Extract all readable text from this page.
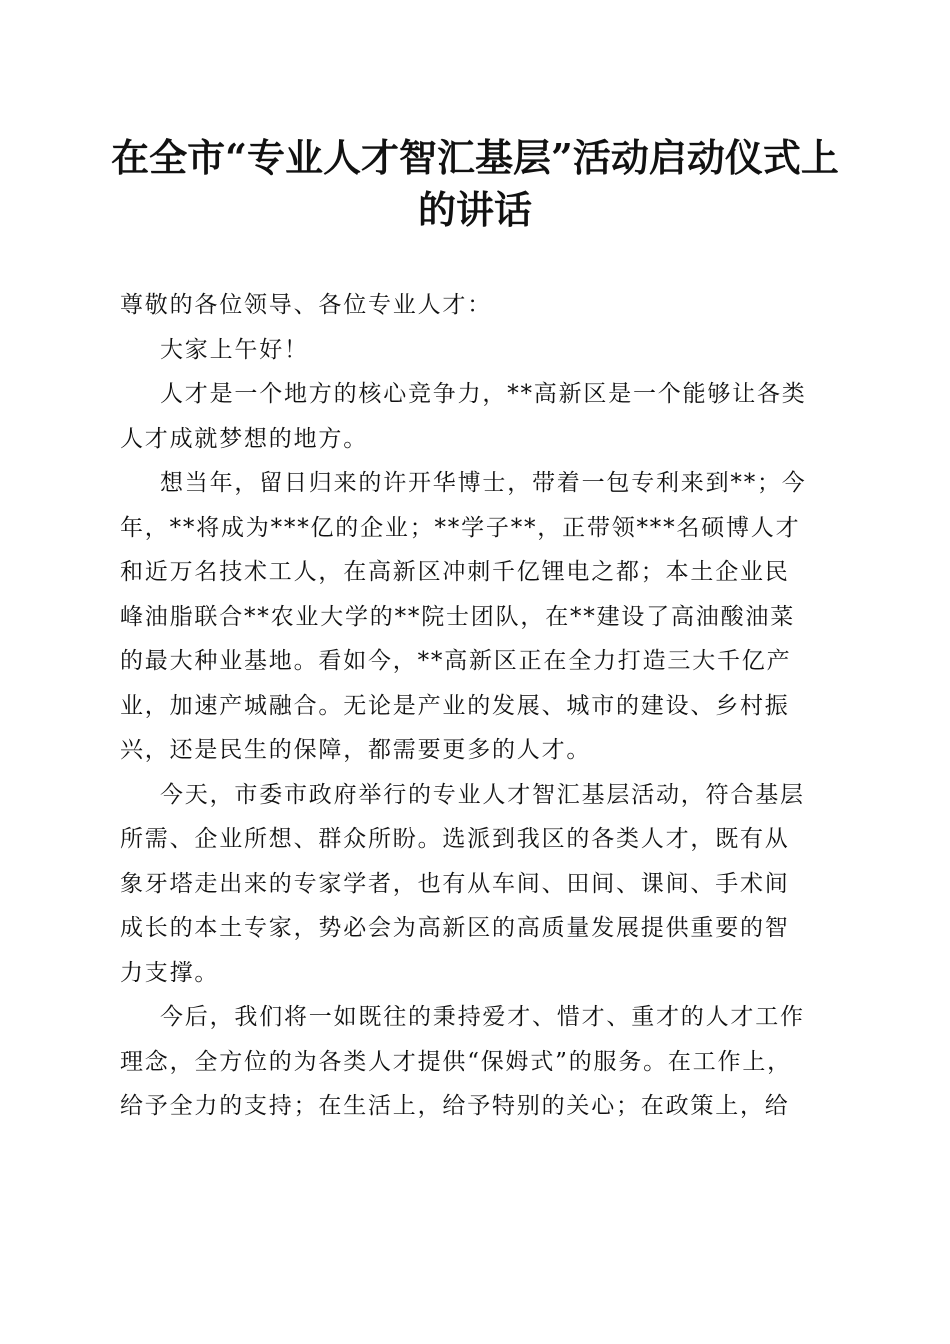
在全市“专业人才智汇基层”活动启动仪式上
的讲话
尊敬的各位领导、各位专业人才：
大家上午好！
人才是一个地方的核心竞争力，**高新区是一个能够让各类
人才成就梦想的地方。
想当年，留日归来的许开华博士，带着一包专利来到**；今
年，**将成为***亿的企业；**学子**，正带领***名硕博人才
和近万名技术工人，在高新区冲刺千亿锂电之都；本土企业民
峰油脂联合**农业大学的**院士团队，在**建设了高油酸油菜
的最大种业基地。看如今，**高新区正在全力打造三大千亿产
业，加速产城融合。无论是产业的发展、城市的建设、乡村振
兴，还是民生的保障，都需要更多的人才。
今天，市委市政府举行的专业人才智汇基层活动，符合基层
所需、企业所想、群众所盼。选派到我区的各类人才，既有从
象牙塔走出来的专家学者，也有从车间、田间、课间、手术间
成长的本土专家，势必会为高新区的高质量发展提供重要的智
力支撑。
今后，我们将一如既往的秉持爱才、惜才、重才的人才工作
理念，全方位的为各类人才提供“保姆式”的服务。在工作上，
给予全力的支持；在生活上，给予特别的关心；在政策上，给
